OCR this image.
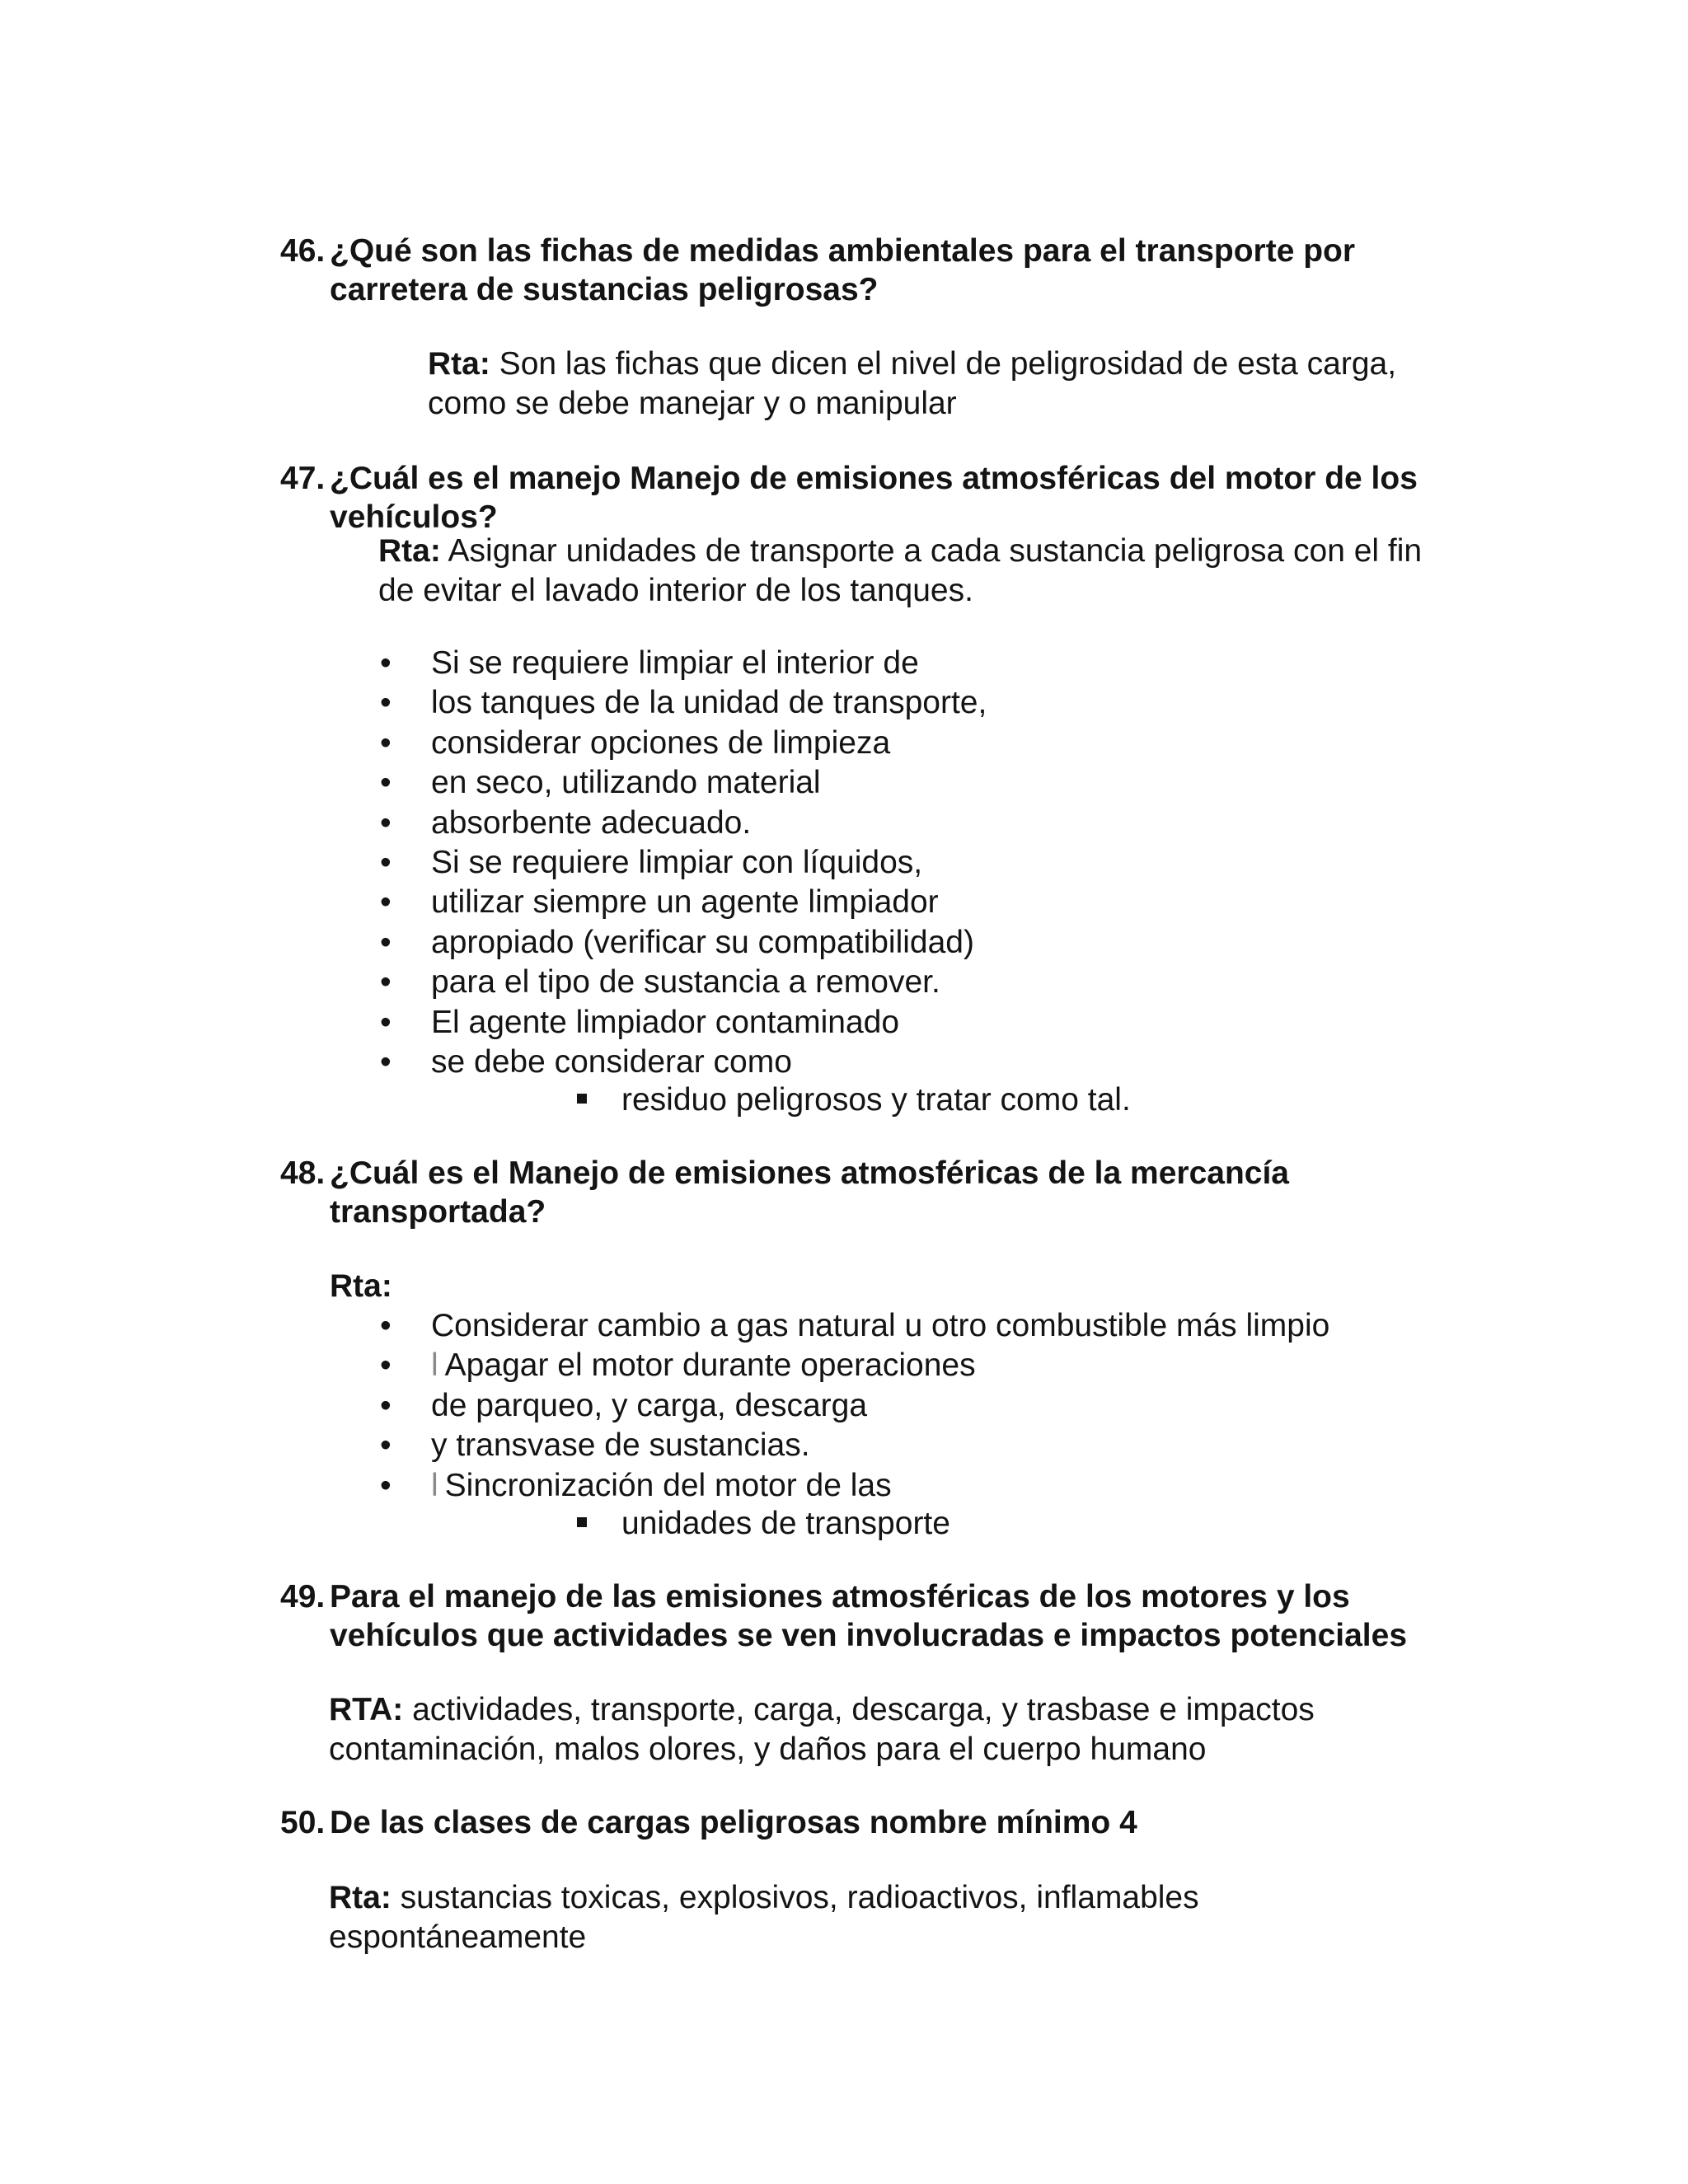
46. ¿Qué son las fichas de medidas ambientales para el transporte por carretera de sustancias peligrosas?
Rta: Son las fichas que dicen el nivel de peligrosidad de esta carga, como se debe manejar y o manipular
47. ¿Cuál es el manejo Manejo de emisiones atmosféricas del motor de los vehículos?
Rta: Asignar unidades de transporte a cada sustancia peligrosa con el fin de evitar el lavado interior de los tanques.
•	Si se requiere limpiar el interior de
•	los tanques de la unidad de transporte,
•	considerar opciones de limpieza
•	en seco, utilizando material
•	absorbente adecuado.
•	Si se requiere limpiar con líquidos,
•	utilizar siempre un agente limpiador
•	apropiado (verificar su compatibilidad)
•	para el tipo de sustancia a remover.
•	El agente limpiador contaminado
•	se debe considerar como
residuo peligrosos y tratar como tal.
48. ¿Cuál es el Manejo de emisiones atmosféricas de la mercancía transportada?
Rta:
•	Considerar cambio a gas natural u otro combustible más limpio
•	l Apagar el motor durante operaciones
•	de parqueo, y carga, descarga
•	y transvase de sustancias.
•	l Sincronización del motor de las
unidades de transporte
49. Para el manejo de las emisiones atmosféricas de los motores y los vehículos que actividades se ven involucradas e impactos potenciales
RTA: actividades, transporte, carga, descarga, y trasbase e impactos contaminación, malos olores, y daños para el cuerpo humano
50. De las clases de cargas peligrosas nombre mínimo 4
Rta: sustancias toxicas, explosivos, radioactivos, inflamables espontáneamente
